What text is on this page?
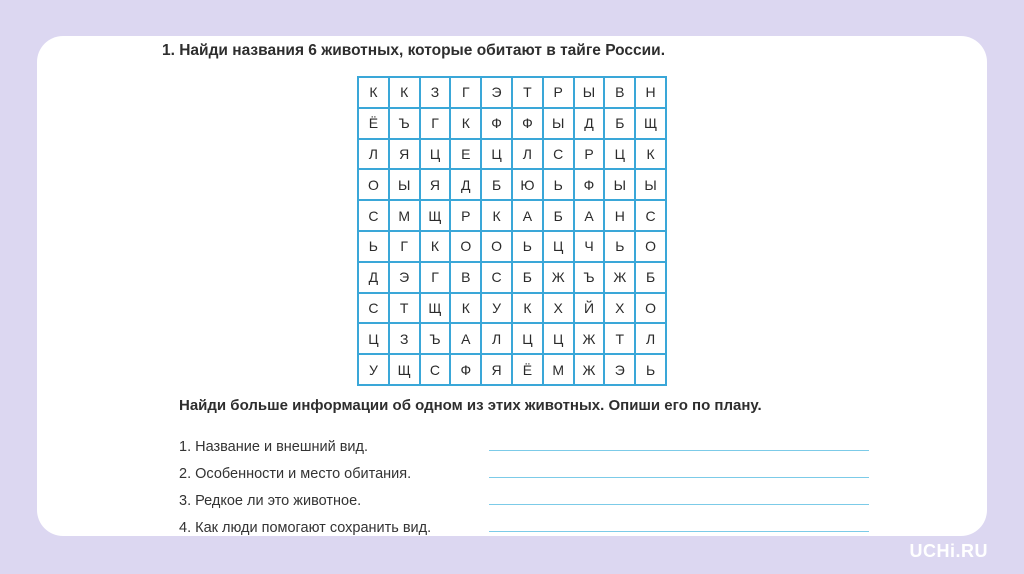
1. Найди названия 6 животных, которые обитают в тайге России.
К	К	З	Г	Э	Т	Р	Ы	В	Н
Ё	Ъ	Г	К	Ф	Ф	Ы	Д	Б	Щ
Л	Я	Ц	Е	Ц	Л	С	Р	Ц	К
О	Ы	Я	Д	Б	Ю	Ь	Ф	Ы	Ы
С	М	Щ	Р	К	А	Б	А	Н	С
Ь	Г	К	О	О	Ь	Ц	Ч	Ь	О
Д	Э	Г	В	С	Б	Ж	Ъ	Ж	Б
С	Т	Щ	К	У	К	Х	Й	Х	О
Ц	З	Ъ	А	Л	Ц	Ц	Ж	Т	Л
У	Щ	С	Ф	Я	Ё	М	Ж	Э	Ь
Найди больше информации об одном из этих животных. Опиши его по плану.
1. Название и внешний вид.
2. Особенности и место обитания.
3. Редкое ли это животное.
4. Как люди помогают сохранить вид.
UCHi.RU
